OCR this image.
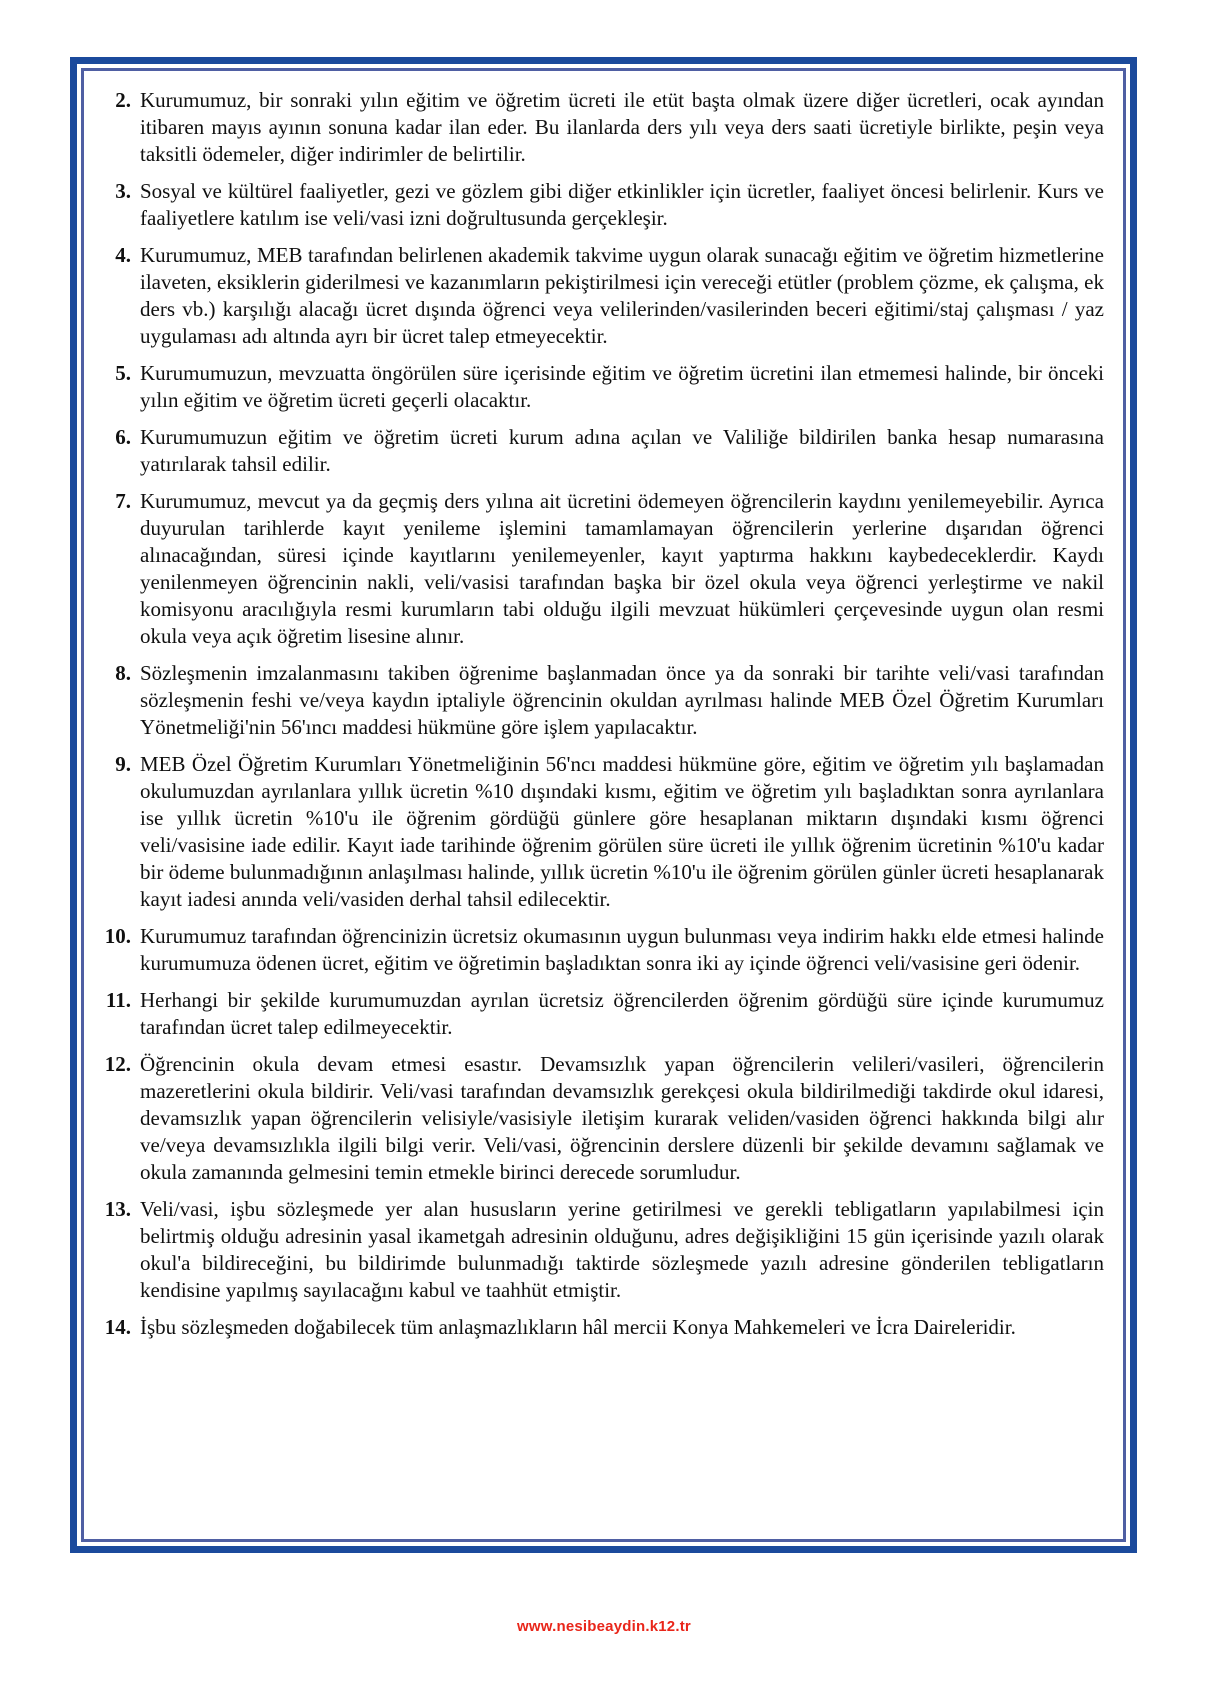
2. Kurumumuz, bir sonraki yılın eğitim ve öğretim ücreti ile etüt başta olmak üzere diğer ücretleri, ocak ayından itibaren mayıs ayının sonuna kadar ilan eder. Bu ilanlarda ders yılı veya ders saati ücretiyle birlikte, peşin veya taksitli ödemeler, diğer indirimler de belirtilir.
3. Sosyal ve kültürel faaliyetler, gezi ve gözlem gibi diğer etkinlikler için ücretler, faaliyet öncesi belirlenir. Kurs ve faaliyetlere katılım ise veli/vasi izni doğrultusunda gerçekleşir.
4. Kurumumuz, MEB tarafından belirlenen akademik takvime uygun olarak sunacağı eğitim ve öğretim hizmetlerine ilaveten, eksiklerin giderilmesi ve kazanımların pekiştirilmesi için vereceği etütler (problem çözme, ek çalışma, ek ders vb.) karşılığı alacağı ücret dışında öğrenci veya velilerinden/vasilerinden beceri eğitimi/staj çalışması / yaz uygulaması adı altında ayrı bir ücret talep etmeyecektir.
5. Kurumumuzun, mevzuatta öngörülen süre içerisinde eğitim ve öğretim ücretini ilan etmemesi halinde, bir önceki yılın eğitim ve öğretim ücreti geçerli olacaktır.
6. Kurumumuzun eğitim ve öğretim ücreti kurum adına açılan ve Valiliğe bildirilen banka hesap numarasına yatırılarak tahsil edilir.
7. Kurumumuz, mevcut ya da geçmiş ders yılına ait ücretini ödemeyen öğrencilerin kaydını yenilemeyebilir. Ayrıca duyurulan tarihlerde kayıt yenileme işlemini tamamlamayan öğrencilerin yerlerine dışarıdan öğrenci alınacağından, süresi içinde kayıtlarını yenilemeyenler, kayıt yaptırma hakkını kaybedeceklerdir. Kaydı yenilenmeyen öğrencinin nakli, veli/vasisi tarafından başka bir özel okula veya öğrenci yerleştirme ve nakil komisyonu aracılığıyla resmi kurumların tabi olduğu ilgili mevzuat hükümleri çerçevesinde uygun olan resmi okula veya açık öğretim lisesine alınır.
8. Sözleşmenin imzalanmasını takiben öğrenime başlanmadan önce ya da sonraki bir tarihte veli/vasi tarafından sözleşmenin feshi ve/veya kaydın iptaliyle öğrencinin okuldan ayrılması halinde MEB Özel Öğretim Kurumları Yönetmeliği'nin 56'ıncı maddesi hükmüne göre işlem yapılacaktır.
9. MEB Özel Öğretim Kurumları Yönetmeliğinin 56'ncı maddesi hükmüne göre, eğitim ve öğretim yılı başlamadan okulumuzdan ayrılanlara yıllık ücretin %10 dışındaki kısmı, eğitim ve öğretim yılı başladıktan sonra ayrılanlara ise yıllık ücretin %10'u ile öğrenim gördüğü günlere göre hesaplanan miktarın dışındaki kısmı öğrenci veli/vasisine iade edilir. Kayıt iade tarihinde öğrenim görülen süre ücreti ile yıllık öğrenim ücretinin %10'u kadar bir ödeme bulunmadığının anlaşılması halinde, yıllık ücretin %10'u ile öğrenim görülen günler ücreti hesaplanarak kayıt iadesi anında veli/vasiden derhal tahsil edilecektir.
10. Kurumumuz tarafından öğrencinizin ücretsiz okumasının uygun bulunması veya indirim hakkı elde etmesi halinde kurumumuza ödenen ücret, eğitim ve öğretimin başladıktan sonra iki ay içinde öğrenci veli/vasisine geri ödenir.
11. Herhangi bir şekilde kurumumuzdan ayrılan ücretsiz öğrencilerden öğrenim gördüğü süre içinde kurumumuz tarafından ücret talep edilmeyecektir.
12. Öğrencinin okula devam etmesi esastır. Devamsızlık yapan öğrencilerin velileri/vasileri, öğrencilerin mazeretlerini okula bildirir. Veli/vasi tarafından devamsızlık gerekçesi okula bildirilmediği takdirde okul idaresi, devamsızlık yapan öğrencilerin velisiyle/vasisiyle iletişim kurarak veliden/vasiden öğrenci hakkında bilgi alır ve/veya devamsızlıkla ilgili bilgi verir. Veli/vasi, öğrencinin derslere düzenli bir şekilde devamını sağlamak ve okula zamanında gelmesini temin etmekle birinci derecede sorumludur.
13. Veli/vasi, işbu sözleşmede yer alan hususların yerine getirilmesi ve gerekli tebligatların yapılabilmesi için belirtmiş olduğu adresinin yasal ikametgah adresinin olduğunu, adres değişikliğini 15 gün içerisinde yazılı olarak okul'a bildireceğini, bu bildirimde bulunmadığı taktirde sözleşmede yazılı adresine gönderilen tebligatların kendisine yapılmış sayılacağını kabul ve taahhüt etmiştir.
14. İşbu sözleşmeden doğabilecek tüm anlaşmazlıkların hâl mercii Konya Mahkemeleri ve İcra Daireleridir.
www.nesibeaydin.k12.tr
